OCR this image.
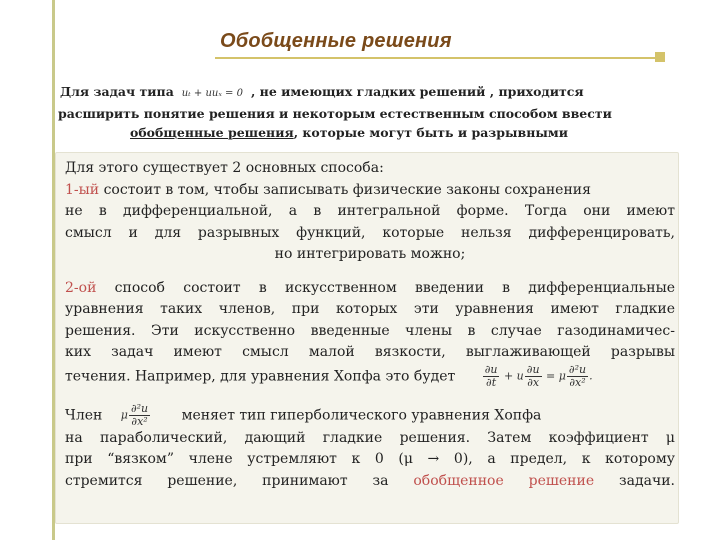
Обобщенные решения
Для задач типа uₜ + uuₓ = 0 , не имеющих гладких решений , приходится
расширить понятие решения и некоторым естественным способом ввести
обобщенные решения, которые могут быть и разрывными
Для этого существует 2 основных способа:
1-ый состоит в том, чтобы записывать физические законы сохранения
не в дифференциальной, а в интегральной форме. Тогда они имеют
смысл и для разрывных функций, которые нельзя дифференцировать,
но интегрировать можно;
2-ой способ состоит в искусственном введении в дифференциальные
уравнения таких членов, при которых эти уравнения имеют гладкие
решения. Эти искусственно введенные члены в случае газодинамичес-
ких задач имеют смысл малой вязкости, выглаживающей разрывы
течения. Например, для уравнения Хопфа это будет $\frac{\partial u}{\partial t} + u \frac{\partial u}{\partial x} = \mu \frac{\text{∂²u}}{\text{∂x²}}$ .
Член μ $\frac{\text{∂²u}}{\text{∂x²}}$ меняет тип гиперболического уравнения Хопфа
на параболический, дающий гладкие решения. Затем коэффициент μ
при “вязком” члене устремляют к 0 (μ → 0), а предел, к которому
стремится решение, принимают за обобщенное решение задачи.
